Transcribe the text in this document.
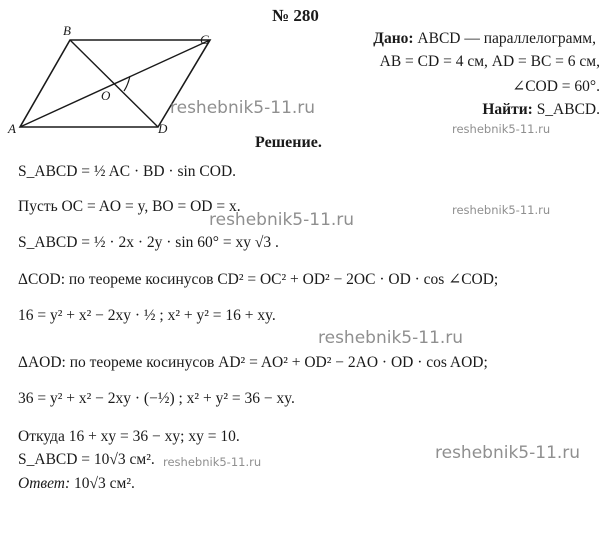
№ 280
A
B
C
D
O
Дано: ABCD — параллелограмм,
AB = CD = 4 см, AD = BC = 6 см,
∠COD = 60°.
Найти: S_ABCD.
Решение.
S_ABCD = ½ AC · BD · sin COD.
Пусть OC = AO = y, BO = OD = x.
S_ABCD = ½ · 2x · 2y · sin 60° = xy √3 .
ΔCOD: по теореме косинусов CD² = OC² + OD² − 2OC · OD · cos ∠COD;
16 = y² + x² − 2xy · ½ ; x² + y² = 16 + xy.
ΔAOD: по теореме косинусов AD² = AO² + OD² − 2AO · OD · cos AOD;
36 = y² + x² − 2xy · (−½) ; x² + y² = 36 − xy.
Откуда 16 + xy = 36 − xy; xy = 10.
S_ABCD = 10√3 см².
Ответ: 10√3 см².
reshebnik5-11.ru
reshebnik5-11.ru
reshebnik5-11.ru	reshebnik5-11.ru
reshebnik5-11.ru
reshebnik5-11.ru
reshebnik5-11.ru
